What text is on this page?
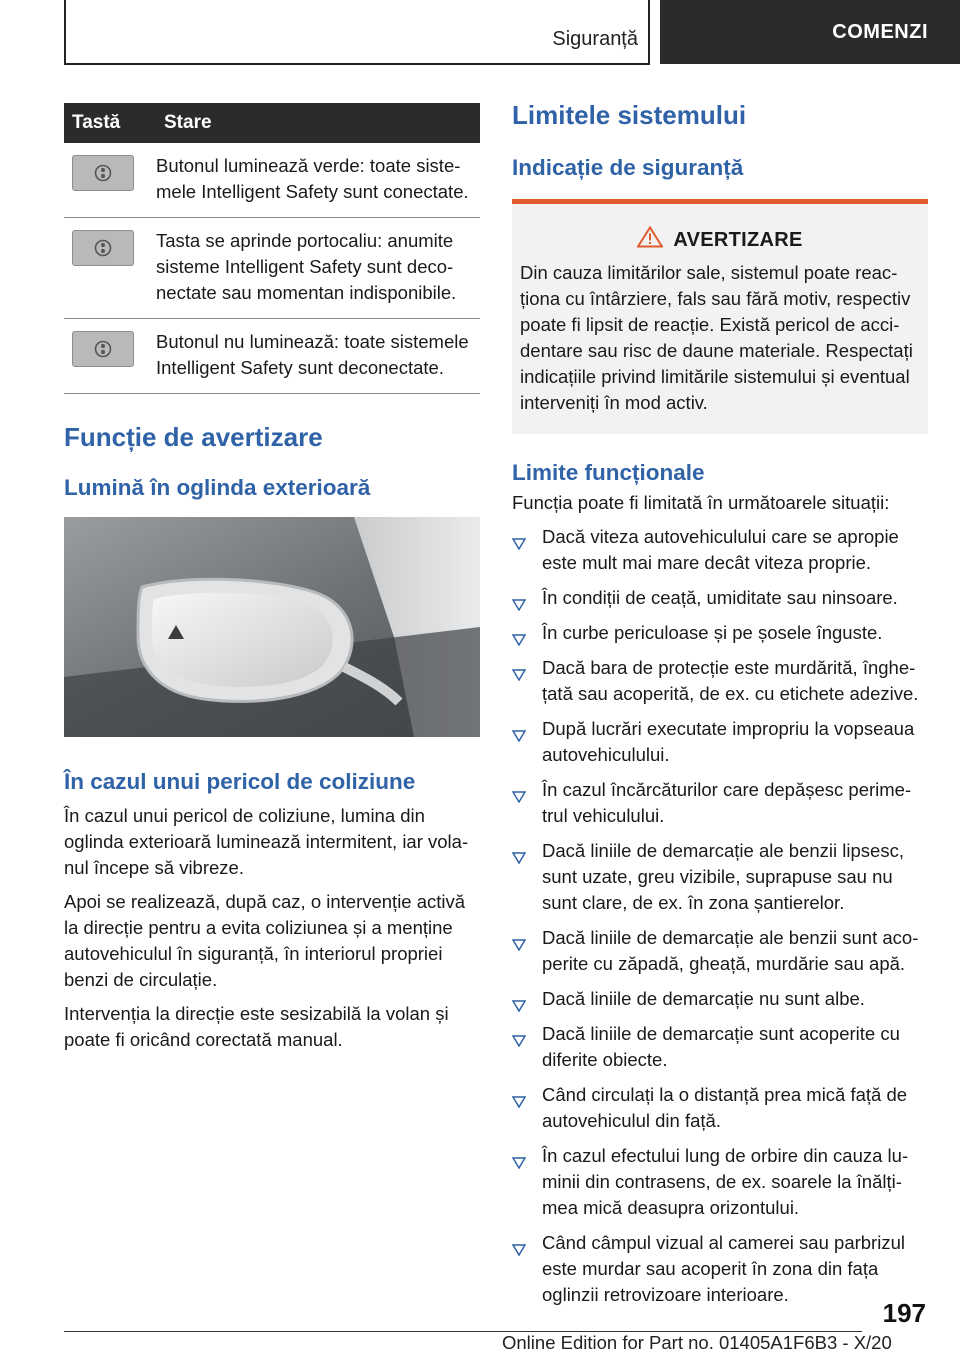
Siguranță	COMENZI
Tastă	Stare

	Butonul luminează verde: toate sistemele Intelligent Safety sunt conectate.

	Tasta se aprinde portocaliu: anumite sisteme Intelligent Safety sunt deconectate sau momentan indisponibile.

	Butonul nu luminează: toate sistemele Intelligent Safety sunt deconectate.
Funcție de avertizare
Lumină în oglinda exterioară
În cazul unui pericol de coliziune

În cazul unui pericol de coliziune, lumina din oglinda exterioară luminează intermitent, iar volanul începe să vibreze.

Apoi se realizează, după caz, o intervenție activă la direcție pentru a evita coliziunea și a menține autovehiculul în siguranță, în interiorul propriei benzi de circulație.

Intervenția la direcție este sesizabilă la volan și poate fi oricând corectată manual.

Limitele sistemului
Indicație de siguranță
AVERTIZARE
Din cauza limitărilor sale, sistemul poate reacționa cu întârziere, fals sau fără motiv, respectiv poate fi lipsit de reacție. Există pericol de accidentare sau risc de daune materiale. Respectați indicațiile privind limitările sistemului și eventual interveniți în mod activ.
Limite funcționale

Funcția poate fi limitată în următoarele situații:

Dacă viteza autovehiculului care se apropie este mult mai mare decât viteza proprie.
În condiții de ceață, umiditate sau ninsoare.
În curbe periculoase și pe șosele înguste.
Dacă bara de protecție este murdărită, înghețată sau acoperită, de ex. cu etichete adezive.
După lucrări executate impropriu la vopseaua autovehiculului.
În cazul încărcăturilor care depășesc perimetrul vehiculului.
Dacă liniile de demarcație ale benzii lipsesc, sunt uzate, greu vizibile, suprapuse sau nu sunt clare, de ex. în zona șantierelor.
Dacă liniile de demarcație ale benzii sunt acoperite cu zăpadă, gheață, murdărie sau apă.
Dacă liniile de demarcație nu sunt albe.
Dacă liniile de demarcație sunt acoperite cu diferite obiecte.
Când circulați la o distanță prea mică față de autovehiculul din față.
În cazul efectului lung de orbire din cauza luminii din contrasens, de ex. soarele la înălțimea mică deasupra orizontului.
Când câmpul vizual al camerei sau parbrizul este murdar sau acoperit în zona din fața oglinzii retrovizoare interioare.
197
Online Edition for Part no. 01405A1F6B3 - X/20
